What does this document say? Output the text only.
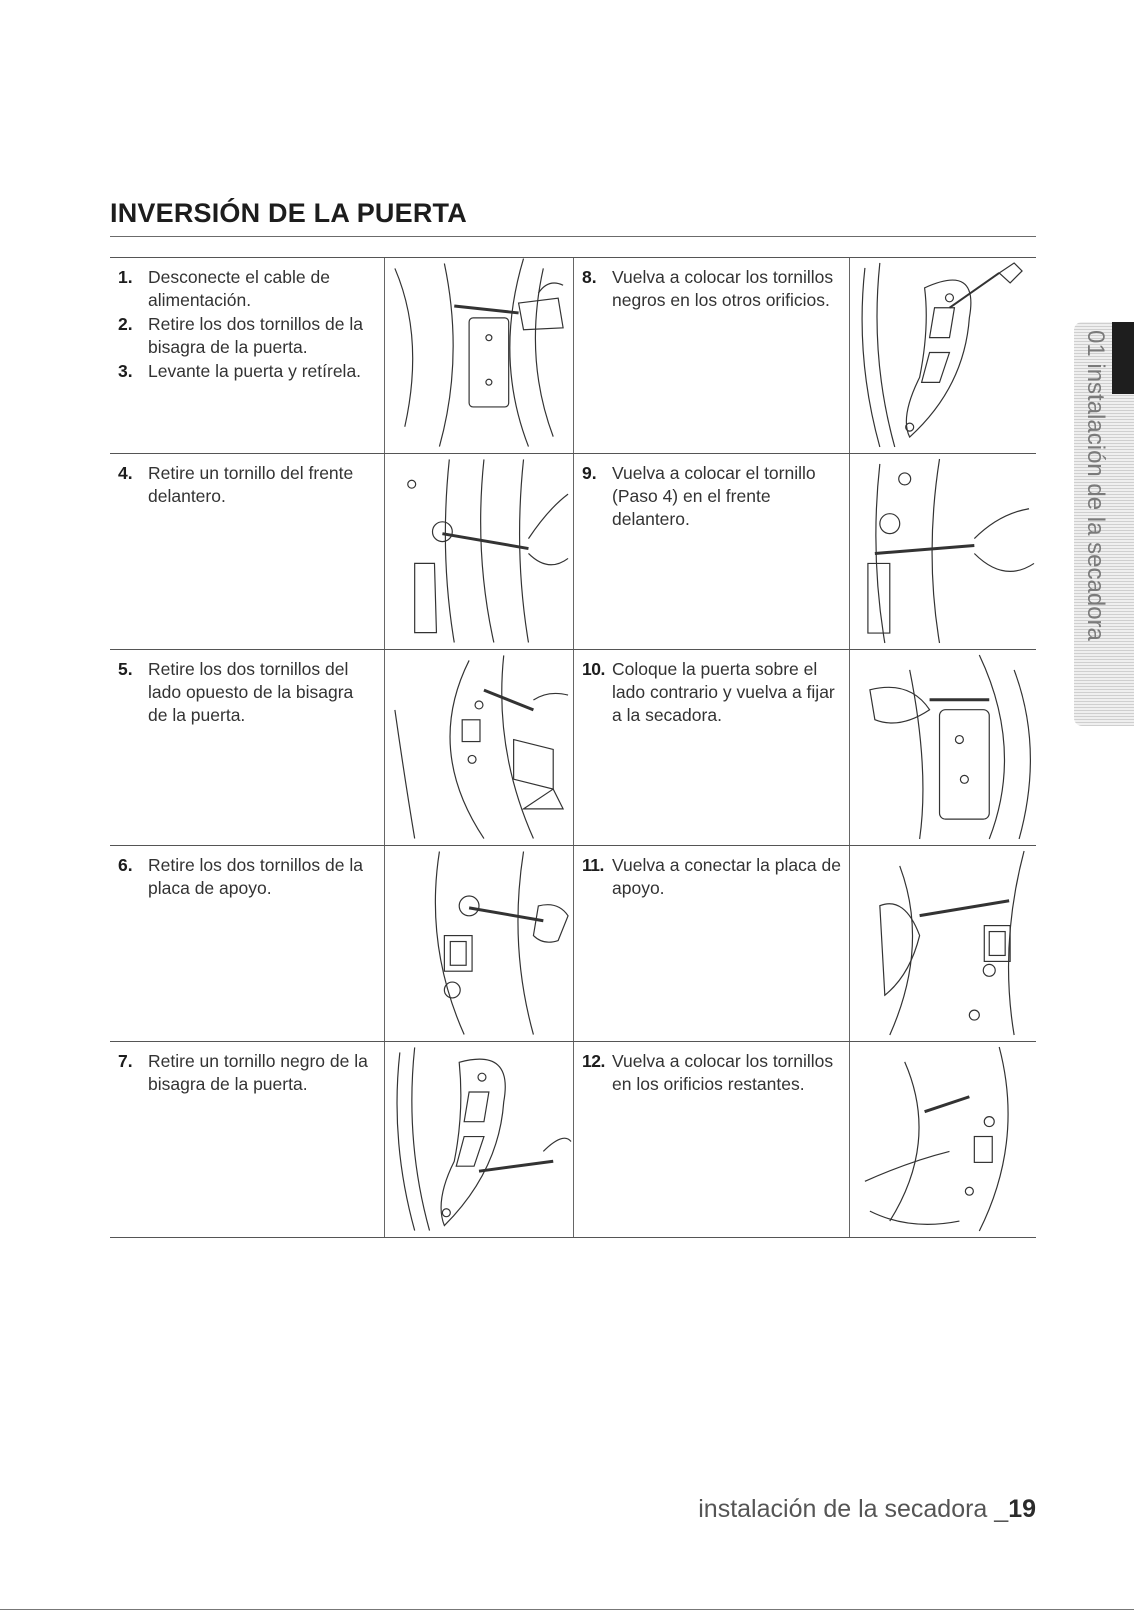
INVERSIÓN DE LA PUERTA
01 instalación de la secadora
1. Desconecte el cable de alimentación.
2. Retire los dos tornillos de la bisagra de la puerta.
3. Levante la puerta y retírela.
8. Vuelva a colocar los tornillos negros en los otros orificios.
4. Retire un tornillo del frente delantero.
9. Vuelva a colocar el tornillo (Paso 4) en el frente delantero.
5. Retire los dos tornillos del lado opuesto de la bisagra de la puerta.
10. Coloque la puerta sobre el lado contrario y vuelva a fijar a la secadora.
6. Retire los dos tornillos de la placa de apoyo.
11. Vuelva a conectar la placa de apoyo.
7. Retire un tornillo negro de la bisagra de la puerta.
12. Vuelva a colocar los tornillos en los orificios restantes.
instalación de la secadora _19
